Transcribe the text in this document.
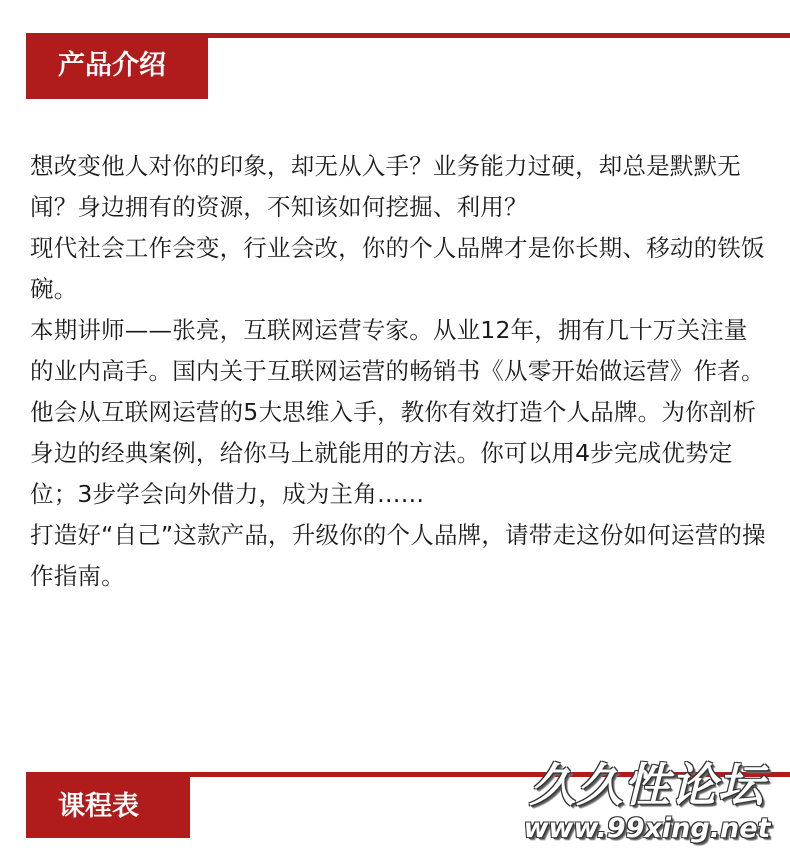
产品介绍

想改变他人对你的印象，却无从入手？业务能力过硬，却总是默默无闻？身边拥有的资源，不知该如何挖掘、利用？

现代社会工作会变，行业会改，你的个人品牌才是你长期、移动的铁饭碗。

本期讲师——张亮，互联网运营专家。从业12年，拥有几十万关注量的业内高手。国内关于互联网运营的畅销书《从零开始做运营》作者。

他会从互联网运营的5大思维入手，教你有效打造个人品牌。为你剖析身边的经典案例，给你马上就能用的方法。你可以用4步完成优势定位；3步学会向外借力，成为主角……

打造好“自己”这款产品，升级你的个人品牌，请带走这份如何运营的操作指南。

课程表	久久性论坛
www.99xing.net
